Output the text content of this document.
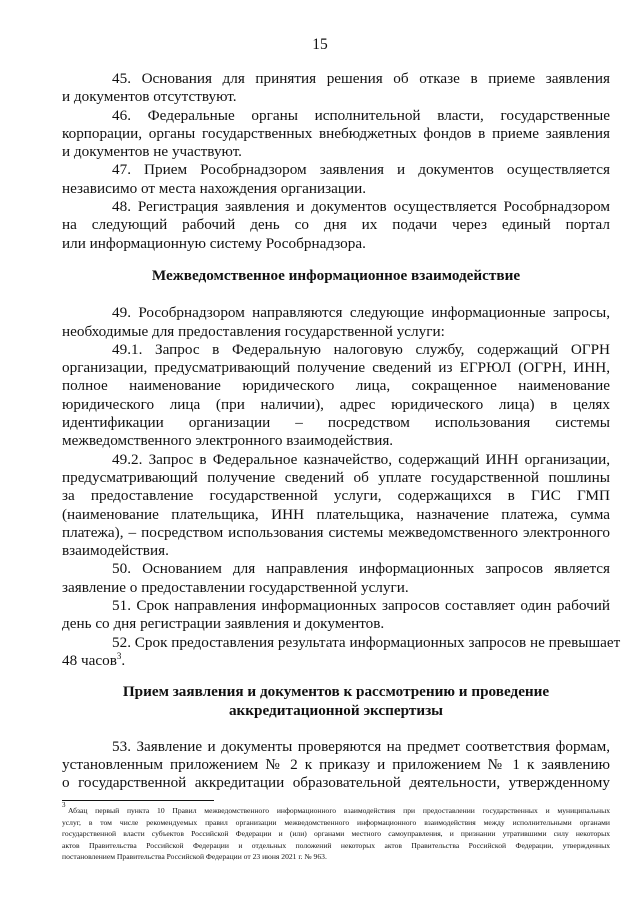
15
45. Основания для принятия решения об отказе в приеме заявления
и документов отсутствуют.
46. Федеральные органы исполнительной власти, государственные
корпорации, органы государственных внебюджетных фондов в приеме заявления
и документов не участвуют.
47. Прием Рособрнадзором заявления и документов осуществляется
независимо от места нахождения организации.
48. Регистрация заявления и документов осуществляется Рособрнадзором
на следующий рабочий день со дня их подачи через единый портал
или информационную систему Рособрнадзора.
Межведомственное информационное взаимодействие
49. Рособрнадзором направляются следующие информационные запросы,
необходимые для предоставления государственной услуги:
49.1. Запрос в Федеральную налоговую службу, содержащий ОГРН
организации, предусматривающий получение сведений из ЕГРЮЛ (ОГРН, ИНН,
полное наименование юридического лица, сокращенное наименование
юридического лица (при наличии), адрес юридического лица) в целях
идентификации организации – посредством использования системы
межведомственного электронного взаимодействия.
49.2. Запрос в Федеральное казначейство, содержащий ИНН организации,
предусматривающий получение сведений об уплате государственной пошлины
за предоставление государственной услуги, содержащихся в ГИС ГМП
(наименование плательщика, ИНН плательщика, назначение платежа, сумма
платежа), – посредством использования системы межведомственного электронного
взаимодействия.
50. Основанием для направления информационных запросов является
заявление о предоставлении государственной услуги.
51. Срок направления информационных запросов составляет один рабочий
день со дня регистрации заявления и документов.
52. Срок предоставления результата информационных запросов не превышает
48 часов$^3$.
Прием заявления и документов к рассмотрению и проведение
аккредитационной экспертизы
53. Заявление и документы проверяются на предмет соответствия формам,
установленным приложением № 2 к приказу и приложением № 1 к заявлению
о государственной аккредитации образовательной деятельности, утвержденному
3
Абзац первый пункта 10 Правил межведомственного информационного взаимодействия при предоставлении государственных и муниципальных
услуг, в том числе рекомендуемых правил организации межведомственного информационного взаимодействия между исполнительными органами
государственной власти субъектов Российской Федерации и (или) органами местного самоуправления, и признании утратившими силу некоторых
актов Правительства Российской Федерации и отдельных положений некоторых актов Правительства Российской Федерации, утвержденных
постановлением Правительства Российской Федерации от 23 июня 2021 г. № 963.
